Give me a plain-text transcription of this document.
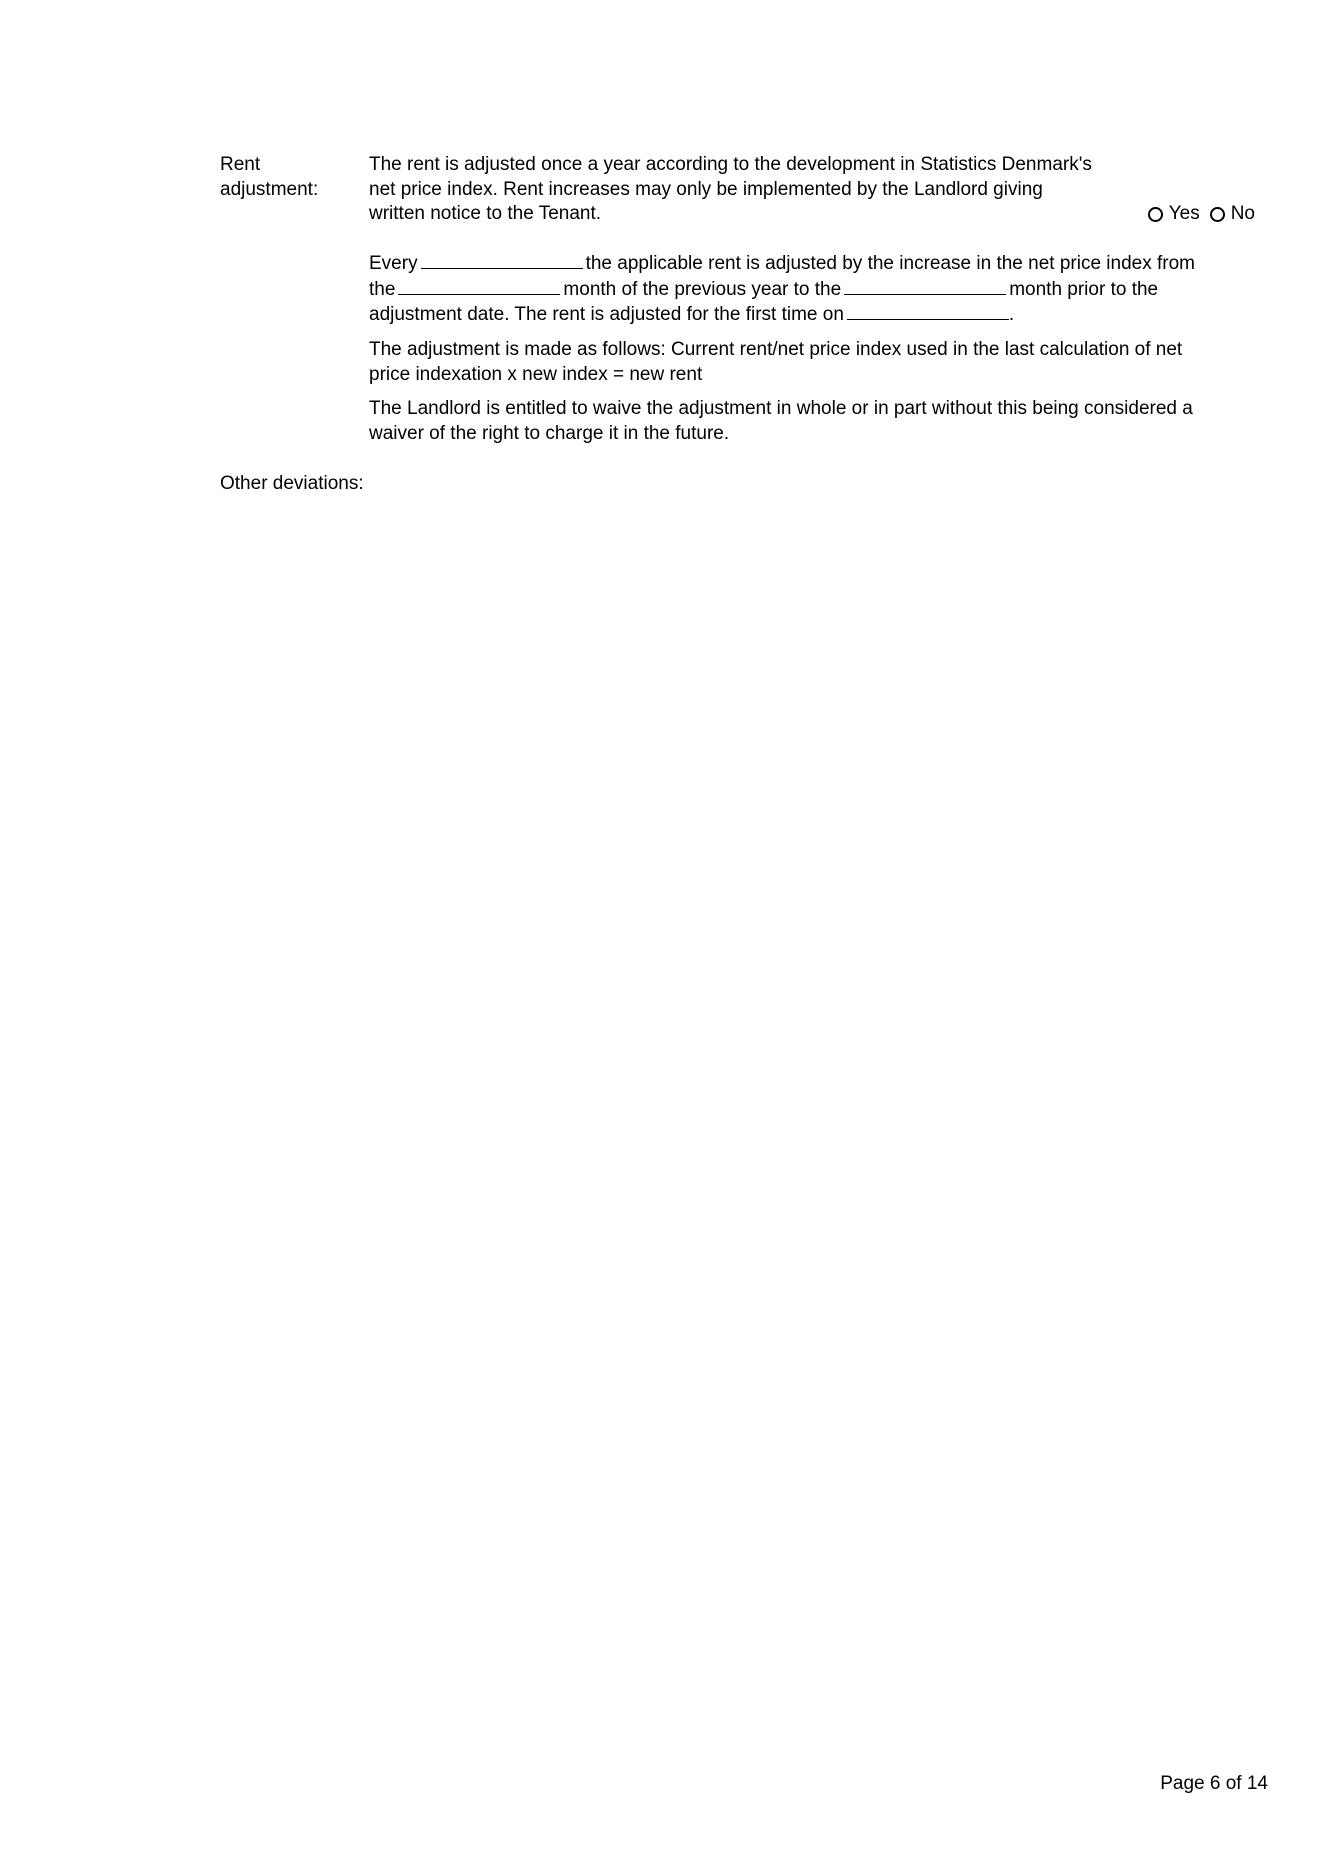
Rent
adjustment:
The rent is adjusted once a year according to the development in Statistics Denmark's
net price index. Rent increases may only be implemented by the Landlord giving
written notice to the Tenant.	Yes No
Every	the applicable rent is adjusted by the increase in the net price index from
the	month of the previous year to the	month prior to the
adjustment date. The rent is adjusted for the first time on	.
The adjustment is made as follows: Current rent/net price index used in the last calculation of net
price indexation x new index = new rent
The Landlord is entitled to waive the adjustment in whole or in part without this being considered a
waiver of the right to charge it in the future.
Other deviations:
Page 6 of 14
